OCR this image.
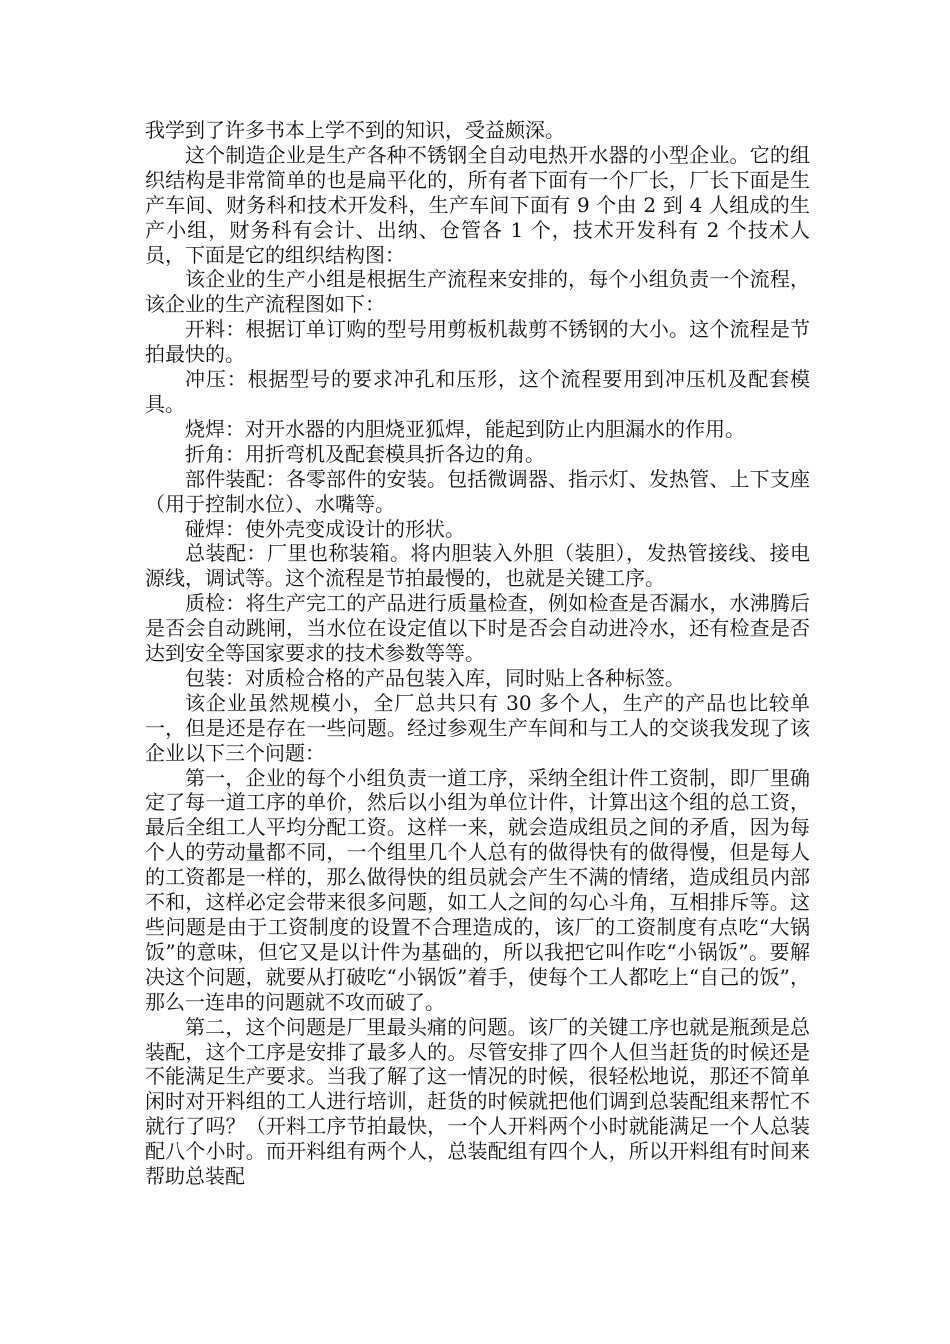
我学到了许多书本上学不到的知识，受益颇深。

这个制造企业是生产各种不锈钢全自动电热开水器的小型企业。它的组织结构是非常简单的也是扁平化的，所有者下面有一个厂长，厂长下面是生产车间、财务科和技术开发科，生产车间下面有 9 个由 2 到 4 人组成的生产小组，财务科有会计、出纳、仓管各 1 个，技术开发科有 2 个技术人员，下面是它的组织结构图：

该企业的生产小组是根据生产流程来安排的，每个小组负责一个流程，该企业的生产流程图如下：

开料：根据订单订购的型号用剪板机裁剪不锈钢的大小。这个流程是节拍最快的。

冲压：根据型号的要求冲孔和压形，这个流程要用到冲压机及配套模具。

烧焊：对开水器的内胆烧亚狐焊，能起到防止内胆漏水的作用。

折角：用折弯机及配套模具折各边的角。

部件装配：各零部件的安装。包括微调器、指示灯、发热管、上下支座（用于控制水位）、水嘴等。

碰焊：使外壳变成设计的形状。

总装配：厂里也称装箱。将内胆装入外胆（装胆），发热管接线、接电源线，调试等。这个流程是节拍最慢的，也就是关键工序。

质检：将生产完工的产品进行质量检查，例如检查是否漏水，水沸腾后是否会自动跳闸，当水位在设定值以下时是否会自动进冷水，还有检查是否达到安全等国家要求的技术参数等等。

包装：对质检合格的产品包装入库，同时贴上各种标签。

该企业虽然规模小，全厂总共只有 30 多个人，生产的产品也比较单一，但是还是存在一些问题。经过参观生产车间和与工人的交谈我发现了该企业以下三个问题：

第一，企业的每个小组负责一道工序，采纳全组计件工资制，即厂里确定了每一道工序的单价，然后以小组为单位计件，计算出这个组的总工资，最后全组工人平均分配工资。这样一来，就会造成组员之间的矛盾，因为每个人的劳动量都不同，一个组里几个人总有的做得快有的做得慢，但是每人的工资都是一样的，那么做得快的组员就会产生不满的情绪，造成组员内部不和，这样必定会带来很多问题，如工人之间的勾心斗角，互相排斥等。这些问题是由于工资制度的设置不合理造成的，该厂的工资制度有点吃“大锅饭”的意味，但它又是以计件为基础的，所以我把它叫作吃“小锅饭”。要解决这个问题，就要从打破吃“小锅饭”着手，使每个工人都吃上“自己的饭”，那么一连串的问题就不攻而破了。

第二，这个问题是厂里最头痛的问题。该厂的关键工序也就是瓶颈是总装配，这个工序是安排了最多人的。尽管安排了四个人但当赶货的时候还是不能满足生产要求。当我了解了这一情况的时候，很轻松地说，那还不简单闲时对开料组的工人进行培训，赶货的时候就把他们调到总装配组来帮忙不就行了吗？（开料工序节拍最快，一个人开料两个小时就能满足一个人总装配八个小时。而开料组有两个人，总装配组有四个人，所以开料组有时间来帮助总装配
